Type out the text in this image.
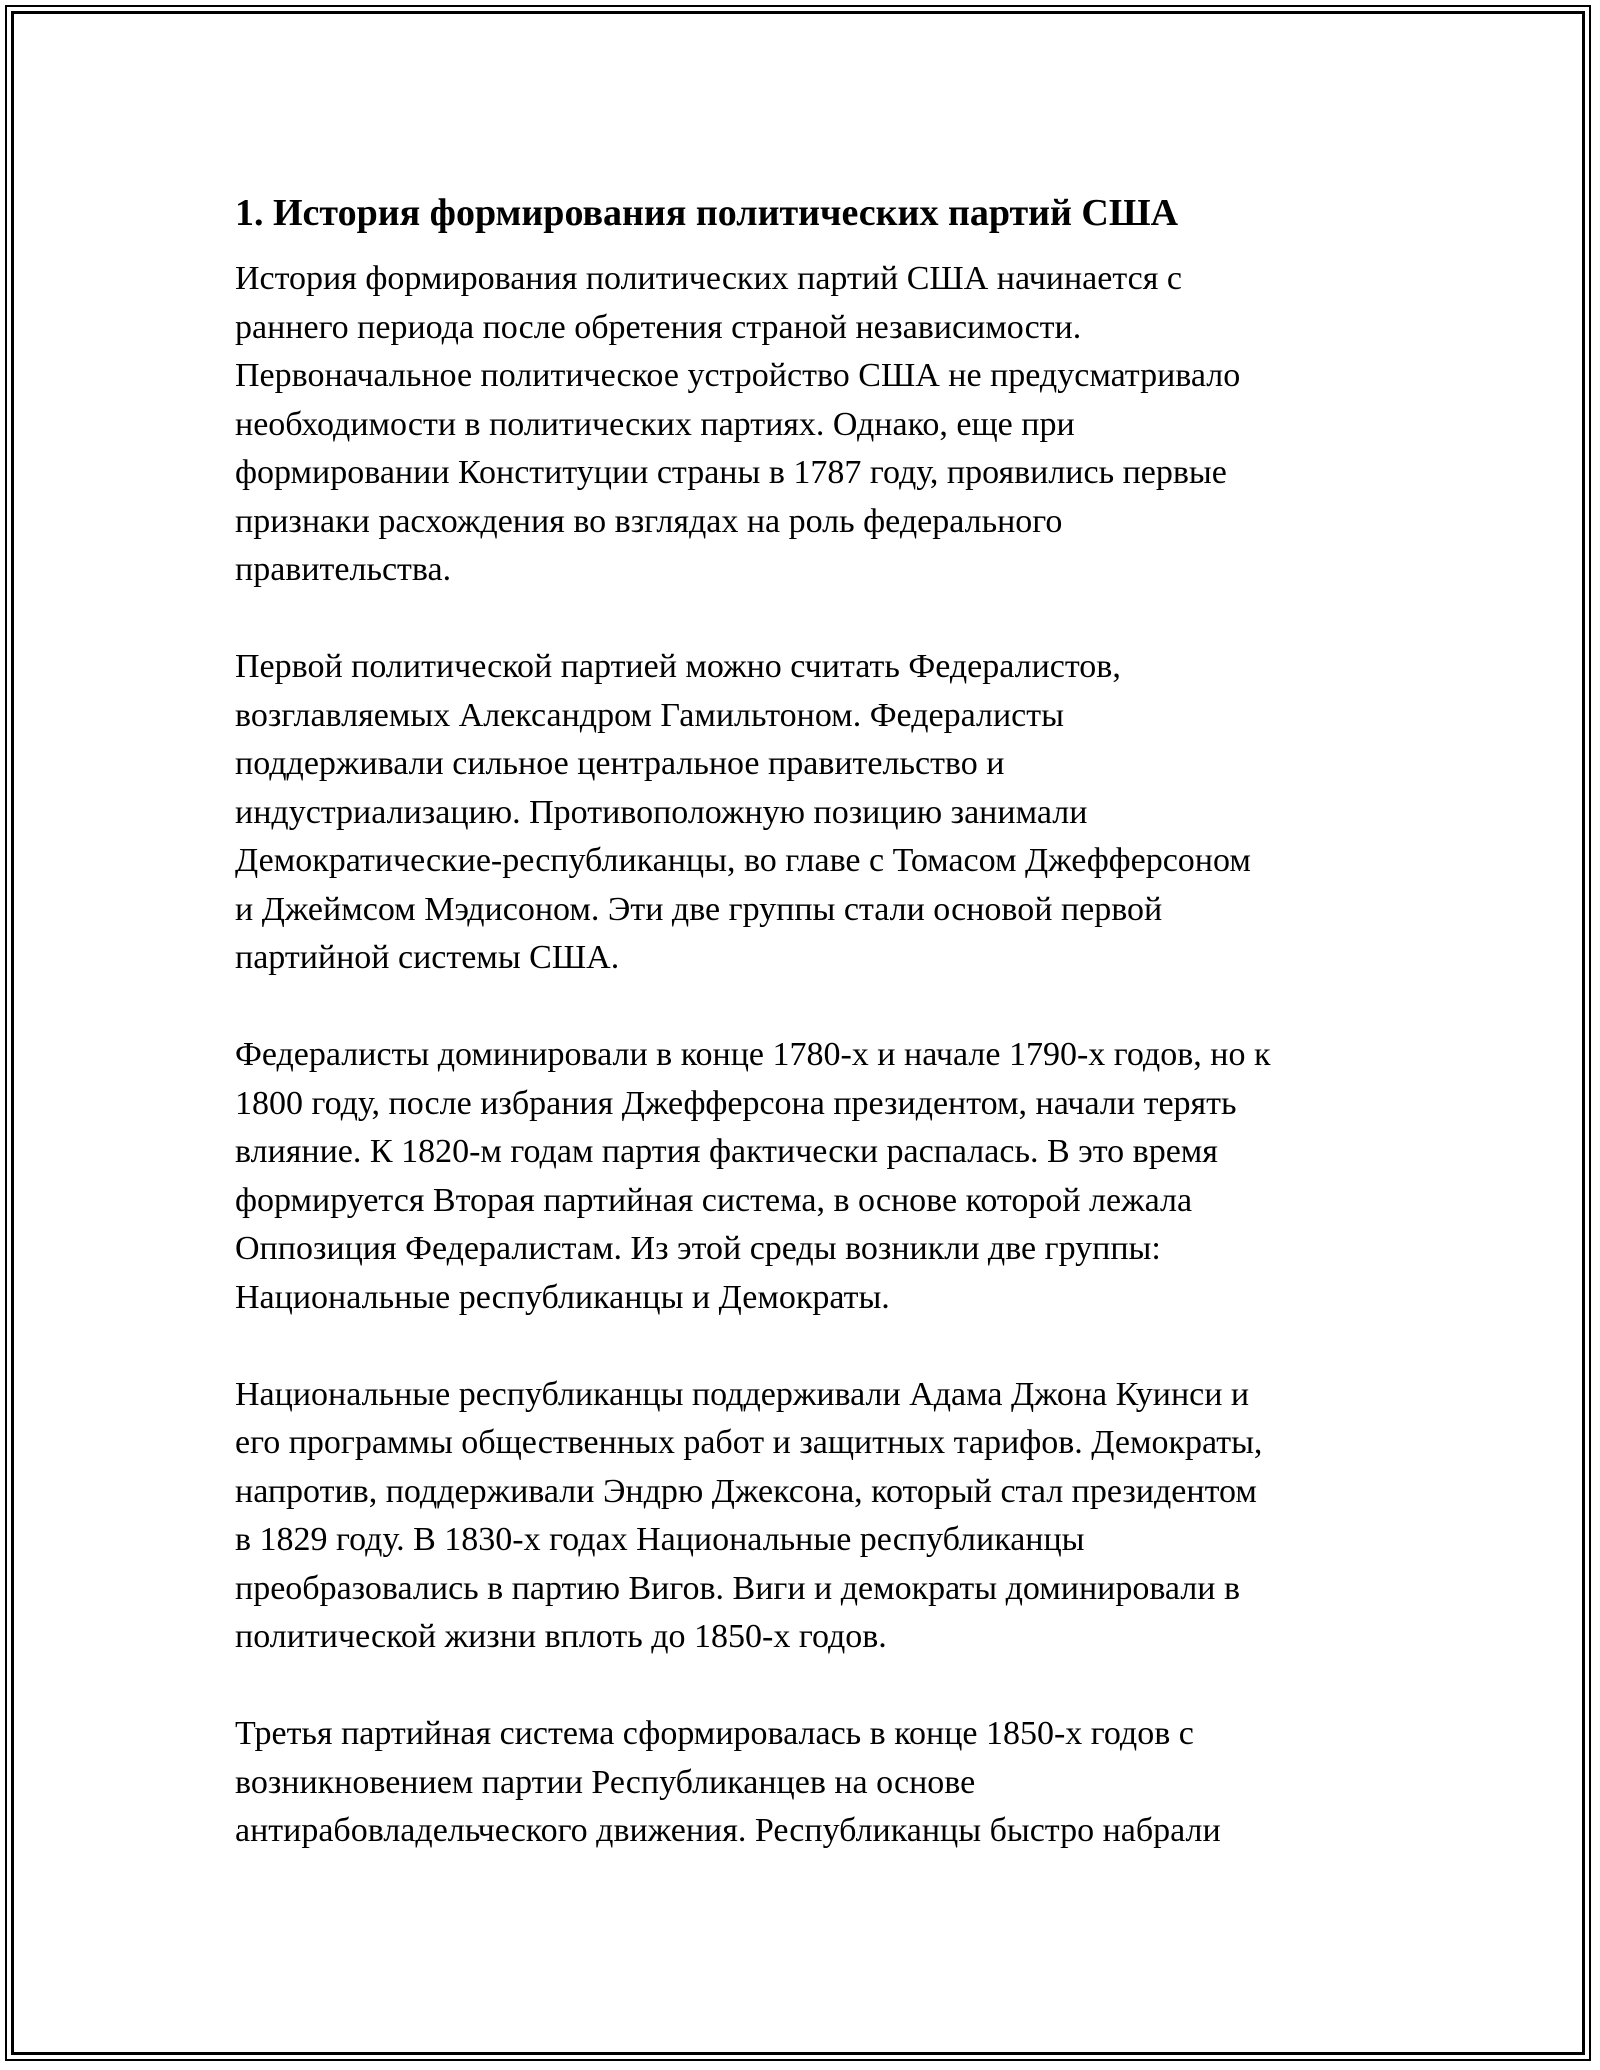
1. История формирования политических партий США

История формирования политических партий США начинается с
раннего периода после обретения страной независимости.
Первоначальное политическое устройство США не предусматривало
необходимости в политических партиях. Однако, еще при
формировании Конституции страны в 1787 году, проявились первые
признаки расхождения во взглядах на роль федерального
правительства.

Первой политической партией можно считать Федералистов,
возглавляемых Александром Гамильтоном. Федералисты
поддерживали сильное центральное правительство и
индустриализацию. Противоположную позицию занимали
Демократические-республиканцы, во главе с Томасом Джефферсоном
и Джеймсом Мэдисоном. Эти две группы стали основой первой
партийной системы США.

Федералисты доминировали в конце 1780-х и начале 1790-х годов, но к
1800 году, после избрания Джефферсона президентом, начали терять
влияние. К 1820-м годам партия фактически распалась. В это время
формируется Вторая партийная система, в основе которой лежала
Оппозиция Федералистам. Из этой среды возникли две группы:
Национальные республиканцы и Демократы.

Национальные республиканцы поддерживали Адама Джона Куинси и
его программы общественных работ и защитных тарифов. Демократы,
напротив, поддерживали Эндрю Джексона, который стал президентом
в 1829 году. В 1830-х годах Национальные республиканцы
преобразовались в партию Вигов. Виги и демократы доминировали в
политической жизни вплоть до 1850-х годов.

Третья партийная система сформировалась в конце 1850-х годов с
возникновением партии Республиканцев на основе
антирабовладельческого движения. Республиканцы быстро набрали
